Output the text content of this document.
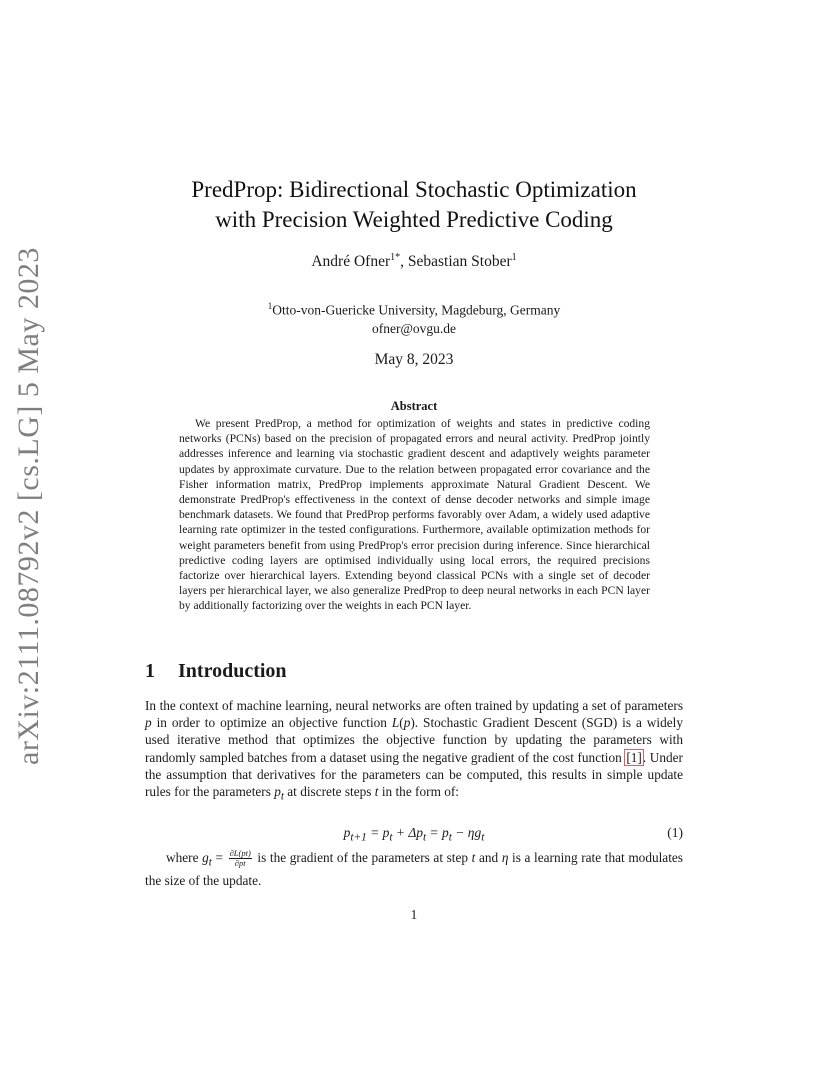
arXiv:2111.08792v2 [cs.LG] 5 May 2023
PredProp: Bidirectional Stochastic Optimization
with Precision Weighted Predictive Coding
André Ofner$^{1*}$, Sebastian Stober$^1$
$^1$Otto-von-Guericke University, Magdeburg, Germany
ofner@ovgu.de
May 8, 2023
Abstract
We present PredProp, a method for optimization of weights and states in predictive coding networks (PCNs) based on the precision of propagated errors and neural activity. PredProp jointly addresses inference and learning via stochastic gradient descent and adaptively weights parameter updates by approximate curvature. Due to the relation between propagated error covariance and the Fisher information matrix, PredProp implements approximate Natural Gradient Descent. We demonstrate PredProp's effectiveness in the context of dense decoder networks and simple image benchmark datasets. We found that PredProp performs favorably over Adam, a widely used adaptive learning rate optimizer in the tested configurations. Furthermore, available optimization methods for weight parameters benefit from using PredProp's error precision during inference. Since hierarchical predictive coding layers are optimised individually using local errors, the required precisions factorize over hierarchical layers. Extending beyond classical PCNs with a single set of decoder layers per hierarchical layer, we also generalize PredProp to deep neural networks in each PCN layer by additionally factorizing over the weights in each PCN layer.
1 Introduction
In the context of machine learning, neural networks are often trained by updating a set of parameters p in order to optimize an objective function L(p). Stochastic Gradient Descent (SGD) is a widely used iterative method that optimizes the objective function by updating the parameters with randomly sampled batches from a dataset using the negative gradient of the cost function [1]. Under the assumption that derivatives for the parameters can be computed, this results in simple update rules for the parameters $p_t$ at discrete steps t in the form of:
$p_{t+1} = p_t + \Delta p_t = p_t - \eta g_t$	(1)
where $g_t = \frac{\partial L(pt)}{\partial pt}$ is the gradient of the parameters at step t and η is a learning rate that modulates the size of the update.
1
